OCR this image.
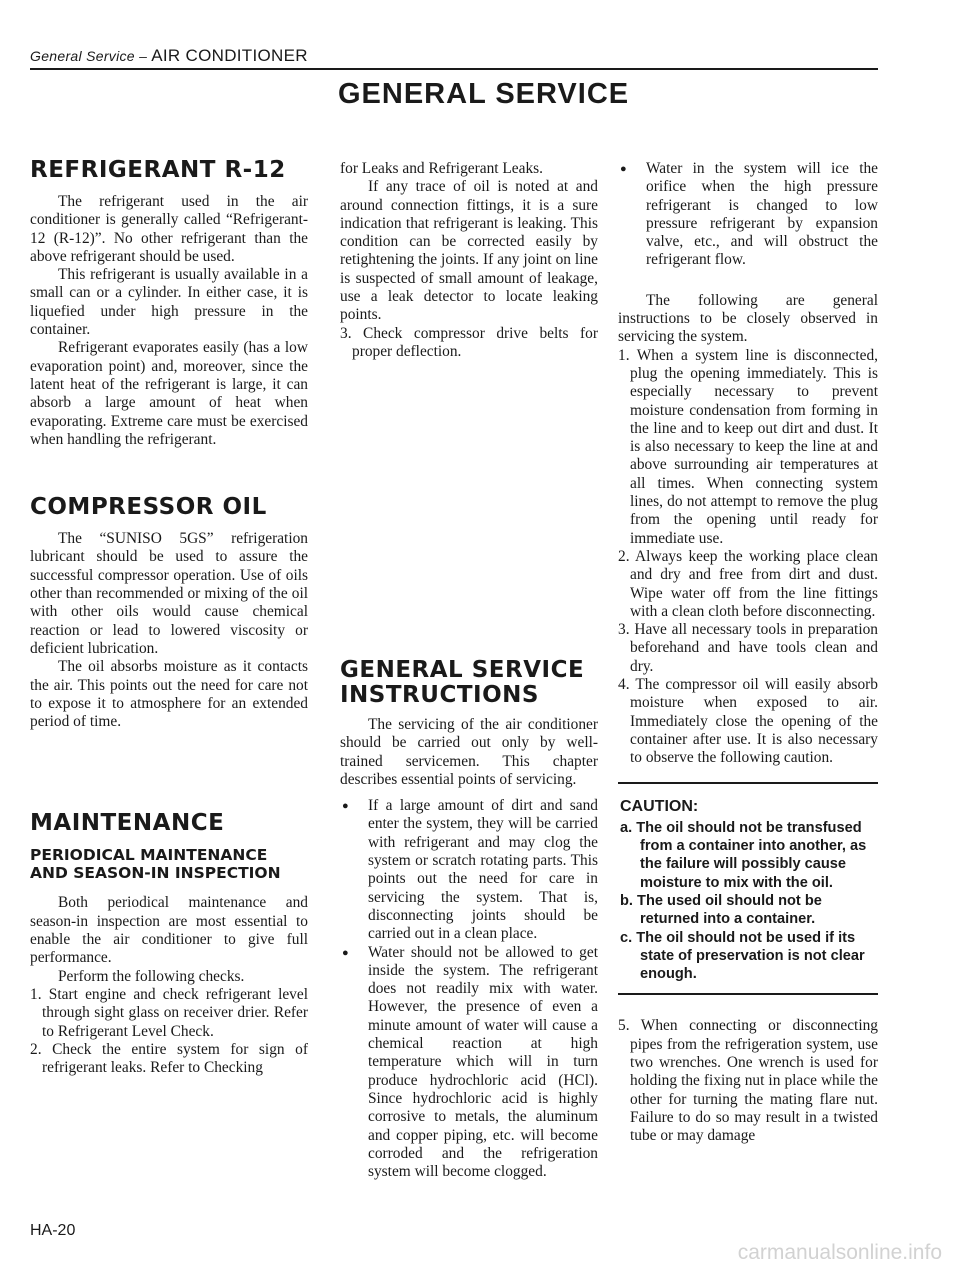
General Service – AIR CONDITIONER
GENERAL SERVICE
REFRIGERANT R-12

The refrigerant used in the air conditioner is generally called “Refrigerant-12 (R-12)”. No other refrigerant than the above refrigerant should be used.

This refrigerant is usually available in a small can or a cylinder. In either case, it is liquefied under high pressure in the container.

Refrigerant evaporates easily (has a low evaporation point) and, moreover, since the latent heat of the refrigerant is large, it can absorb a large amount of heat when evaporating. Extreme care must be exercised when handling the refrigerant.

COMPRESSOR OIL

The “SUNISO 5GS” refrigeration lubricant should be used to assure the successful compressor operation. Use of oils other than recommended or mixing of the oil with other oils would cause chemical reaction or lead to lowered viscosity or deficient lubrication.

The oil absorbs moisture as it contacts the air. This points out the need for care not to expose it to atmosphere for an extended period of time.

MAINTENANCE
PERIODICAL MAINTENANCE AND SEASON-IN INSPECTION

Both periodical maintenance and season-in inspection are most essential to enable the air conditioner to give full performance.

Perform the following checks.

1. Start engine and check refrigerant level through sight glass on receiver drier. Refer to Refrigerant Level Check.

2. Check the entire system for sign of refrigerant leaks. Refer to Checking

for Leaks and Refrigerant Leaks.

If any trace of oil is noted at and around connection fittings, it is a sure indication that refrigerant is leaking. This condition can be corrected easily by retightening the joints. If any joint on line is suspected of small amount of leakage, use a leak detector to locate leaking points.

3. Check compressor drive belts for proper deflection.

GENERAL SERVICE INSTRUCTIONS

The servicing of the air conditioner should be carried out only by well-trained servicemen. This chapter describes essential points of servicing.

● If a large amount of dirt and sand enter the system, they will be carried with refrigerant and may clog the system or scratch rotating parts. This points out the need for care in servicing the system. That is, disconnecting joints should be carried out in a clean place.

● Water should not be allowed to get inside the system. The refrigerant does not readily mix with water. However, the presence of even a minute amount of water will cause a chemical reaction at high temperature which will in turn produce hydrochloric acid (HCl). Since hydrochloric acid is highly corrosive to metals, the aluminum and copper piping, etc. will become corroded and the refrigeration system will become clogged.

● Water in the system will ice the orifice when the high pressure refrigerant is changed to low pressure refrigerant by expansion valve, etc., and will obstruct the refrigerant flow.

The following are general instructions to be closely observed in servicing the system.

1. When a system line is disconnected, plug the opening immediately. This is especially necessary to prevent moisture condensation from forming in the line and to keep out dirt and dust. It is also necessary to keep the line at and above surrounding air temperatures at all times. When connecting system lines, do not attempt to remove the plug from the opening until ready for immediate use.

2. Always keep the working place clean and dry and free from dirt and dust. Wipe water off from the line fittings with a clean cloth before disconnecting.

3. Have all necessary tools in preparation beforehand and have tools clean and dry.

4. The compressor oil will easily absorb moisture when exposed to air. Immediately close the opening of the container after use. It is also necessary to observe the following caution.

CAUTION:
a. The oil should not be transfused from a container into another, as the failure will possibly cause moisture to mix with the oil.
b. The used oil should not be returned into a container.
c. The oil should not be used if its state of preservation is not clear enough.

5. When connecting or disconnecting pipes from the refrigeration system, use two wrenches. One wrench is used for holding the fixing nut in place while the other for turning the mating flare nut. Failure to do so may result in a twisted tube or may damage

HA-20
carmanualsonline.info
